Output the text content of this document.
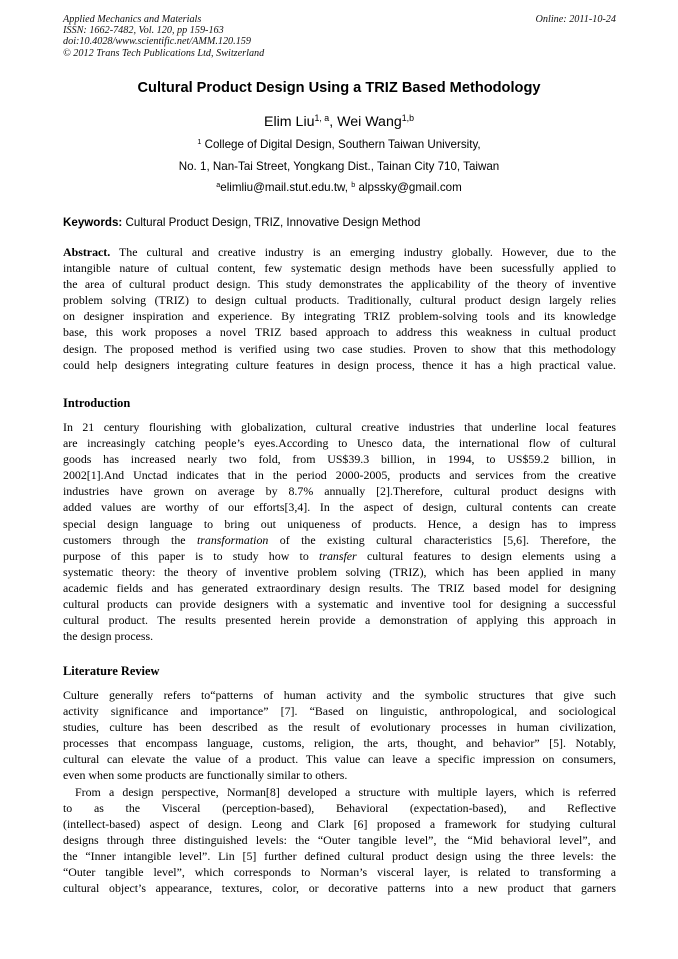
Applied Mechanics and Materials
ISSN: 1662-7482, Vol. 120, pp 159-163
doi:10.4028/www.scientific.net/AMM.120.159
© 2012 Trans Tech Publications Ltd, Switzerland
Online: 2011-10-24
Cultural Product Design Using a TRIZ Based Methodology
Elim Liu$^{1, a}$, Wei Wang$^{1,b}$
$^1$ College of Digital Design, Southern Taiwan University,
No. 1, Nan-Tai Street, Yongkang Dist., Tainan City 710, Taiwan
$^a$elimliu@mail.stut.edu.tw, $^b$ alpssky@gmail.com
Keywords: Cultural Product Design, TRIZ, Innovative Design Method
Abstract. The cultural and creative industry is an emerging industry globally. However, due to the
intangible nature of cultual content, few systematic design methods have been sucessfully applied to
the area of cultural product design. This study demonstrates the applicability of the theory of inventive
problem solving (TRIZ) to design cultual products. Traditionally, cultural product design largely relies
on designer inspiration and experience. By integrating TRIZ problem-solving tools and its knowledge
base, this work proposes a novel TRIZ based approach to address this weakness in cultual product
design. The proposed method is verified using two case studies. Proven to show that this methodology
could help designers integrating culture features in design process, thence it has a high practical value.
Introduction
In 21 century flourishing with globalization, cultural creative industries that underline local features
are increasingly catching people’s eyes.According to Unesco data, the international flow of cultural
goods has increased nearly two fold, from US$39.3 billion, in 1994, to US$59.2 billion, in
2002[1].And Unctad indicates that in the period 2000-2005, products and services from the creative
industries have grown on average by 8.7% annually [2].Therefore, cultural product designs with
added values are worthy of our efforts[3,4]. In the aspect of design, cultural contents can create
special design language to bring out uniqueness of products. Hence, a design has to impress
customers through the transformation of the existing cultural characteristics [5,6]. Therefore, the
purpose of this paper is to study how to transfer cultural features to design elements using a
systematic theory: the theory of inventive problem solving (TRIZ), which has been applied in many
academic fields and has generated extraordinary design results. The TRIZ based model for designing
cultural products can provide designers with a systematic and inventive tool for designing a successful
cultural product. The results presented herein provide a demonstration of applying this approach in
the design process.
Literature Review
Culture generally refers to“patterns of human activity and the symbolic structures that give such
activity significance and importance” [7]. “Based on linguistic, anthropological, and sociological
studies, culture has been described as the result of evolutionary processes in human civilization,
processes that encompass language, customs, religion, the arts, thought, and behavior” [5]. Notably,
cultural can elevate the value of a product. This value can leave a specific impression on consumers,
even when some products are functionally similar to others.
From a design perspective, Norman[8] developed a structure with multiple layers, which is referred
to as the Visceral (perception-based), Behavioral (expectation-based), and Reflective
(intellect-based) aspect of design. Leong and Clark [6] proposed a framework for studying cultural
designs through three distinguished levels: the “Outer tangible level”, the “Mid behavioral level”, and
the “Inner intangible level”. Lin [5] further defined cultural product design using the three levels: the
“Outer tangible level”, which corresponds to Norman’s visceral layer, is related to transforming a
cultural object’s appearance, textures, color, or decorative patterns into a new product that garners
